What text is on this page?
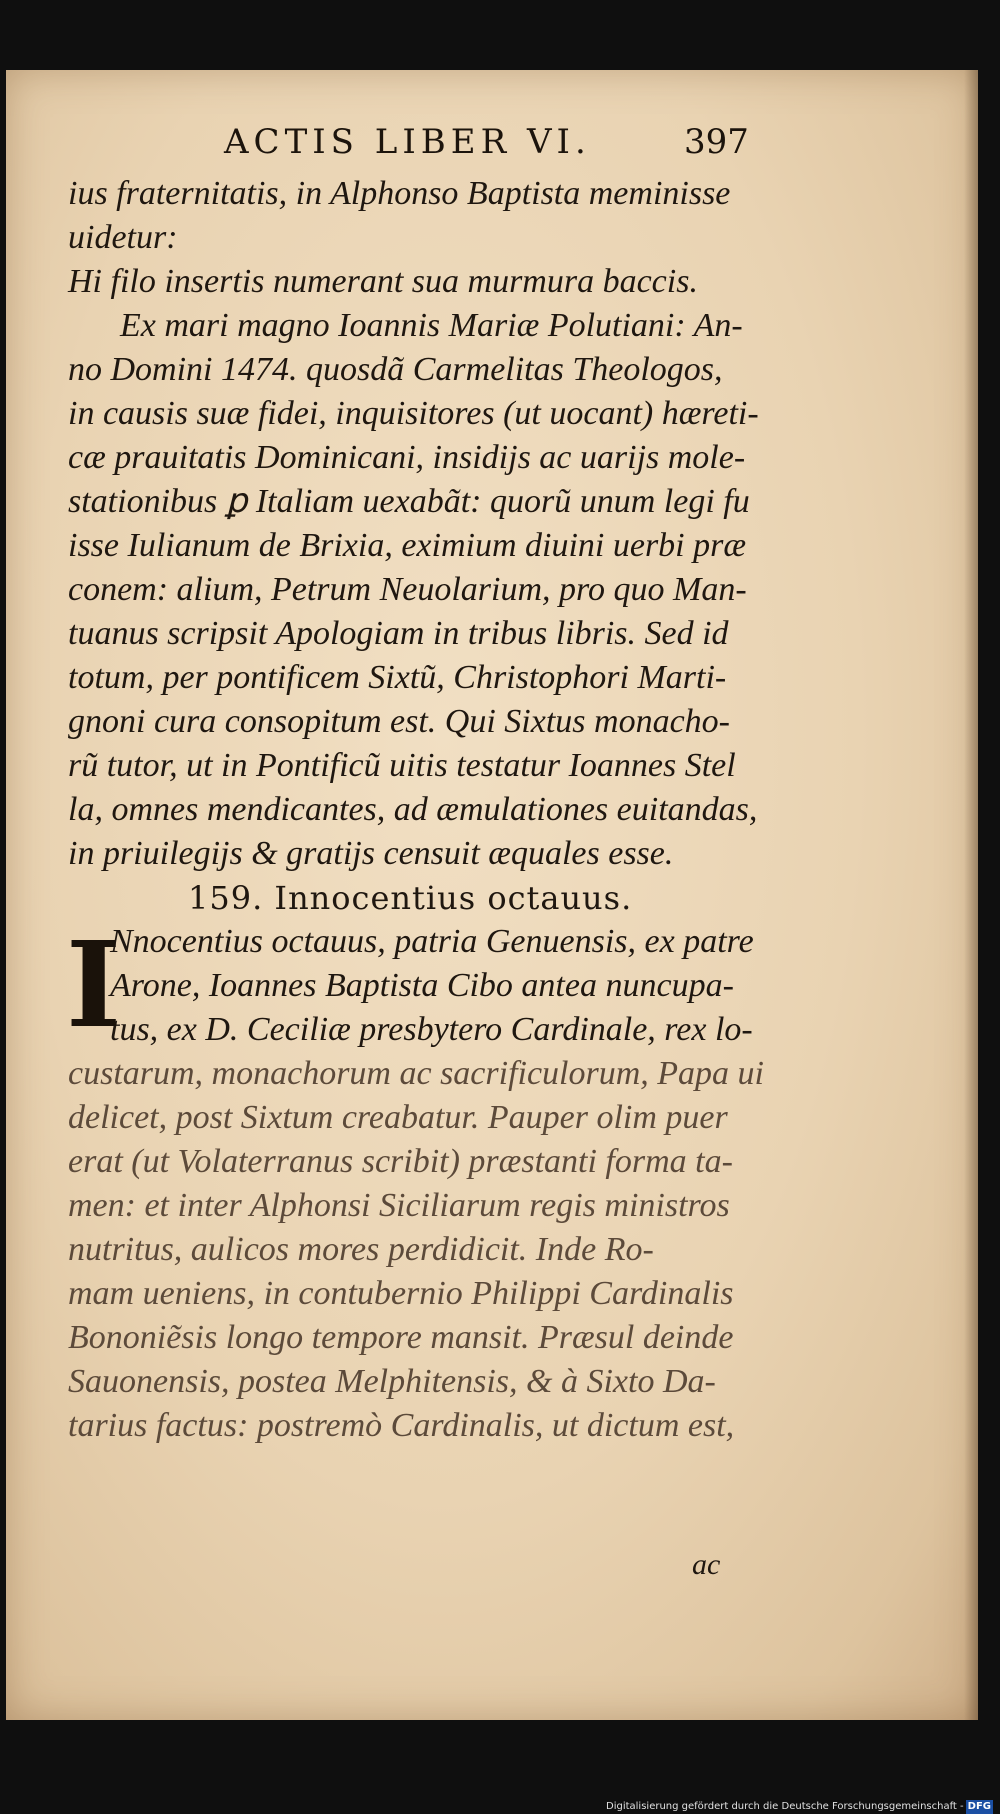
ACTIS LIBER VI.	397
ius fraternitatis, in Alphonso Baptista meminisse
uidetur:
Hi filo insertis numerant sua murmura baccis.
Ex mari magno Ioannis Mariæ Polutiani: An-
no Domini 1474. quosdã Carmelitas Theologos,
in causis suæ fidei, inquisitores (ut uocant) hæreti-
cæ prauitatis Dominicani, insidijs ac uarijs mole-
stationibus ꝑ Italiam uexabãt: quorũ unum legi fu
isse Iulianum de Brixia, eximium diuini uerbi præ
conem: alium, Petrum Neuolarium, pro quo Man-
tuanus scripsit Apologiam in tribus libris. Sed id
totum, per pontificem Sixtũ, Christophori Marti-
gnoni cura consopitum est. Qui Sixtus monacho-
rũ tutor, ut in Pontificũ uitis testatur Ioannes Stel
la, omnes mendicantes, ad æmulationes euitandas,
in priuilegijs & gratijs censuit æquales esse.
159. Innocentius octauus.
I
Nnocentius octauus, patria Genuensis, ex patre
Arone, Ioannes Baptista Cibo antea nuncupa-
tus, ex D. Ceciliæ presbytero Cardinale, rex lo-
custarum, monachorum ac sacrificulorum, Papa ui
delicet, post Sixtum creabatur. Pauper olim puer
erat (ut Volaterranus scribit) præstanti forma ta-
men: et inter Alphonsi Siciliarum regis ministros
nutritus, aulicos mores perdidicit. Inde Ro-
mam ueniens, in contubernio Philippi Cardinalis
Bononiẽsis longo tempore mansit. Præsul deinde
Sauonensis, postea Melphitensis, & à Sixto Da-
tarius factus: postremò Cardinalis, ut dictum est,
ac
Digitalisierung gefördert durch die Deutsche Forschungsgemeinschaft - DFG
